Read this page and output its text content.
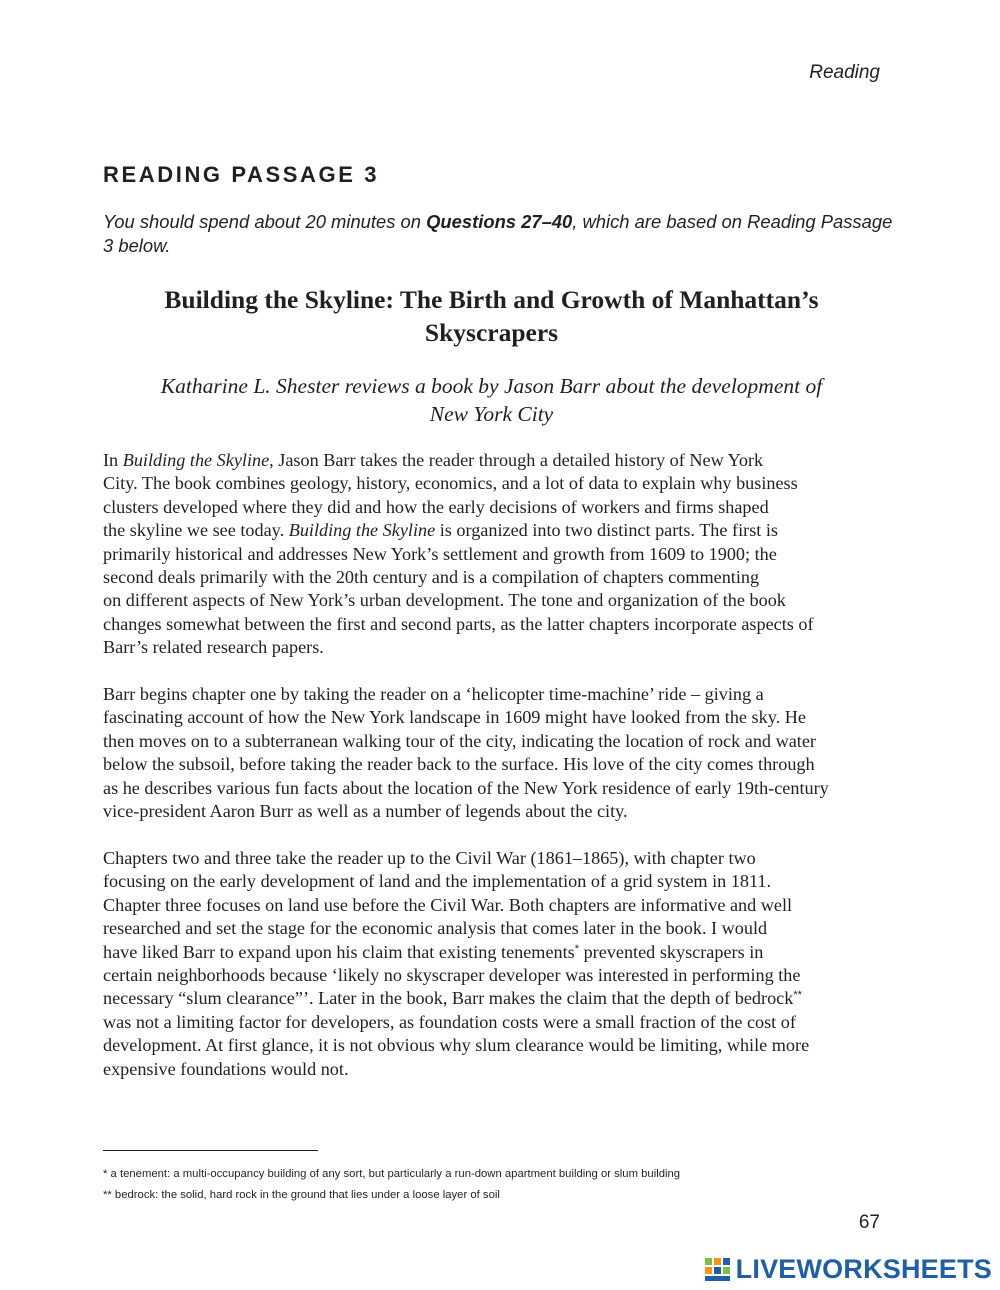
Reading
READING PASSAGE 3
You should spend about 20 minutes on Questions 27–40, which are based on Reading Passage 3 below.
Building the Skyline: The Birth and Growth of Manhattan’s
Skyscrapers
Katharine L. Shester reviews a book by Jason Barr about the development of
New York City

In Building the Skyline, Jason Barr takes the reader through a detailed history of New York
City. The book combines geology, history, economics, and a lot of data to explain why business
clusters developed where they did and how the early decisions of workers and firms shaped
the skyline we see today. Building the Skyline is organized into two distinct parts. The first is
primarily historical and addresses New York’s settlement and growth from 1609 to 1900; the
second deals primarily with the 20th century and is a compilation of chapters commenting
on different aspects of New York’s urban development. The tone and organization of the book
changes somewhat between the first and second parts, as the latter chapters incorporate aspects of
Barr’s related research papers.

Barr begins chapter one by taking the reader on a ‘helicopter time-machine’ ride – giving a
fascinating account of how the New York landscape in 1609 might have looked from the sky. He
then moves on to a subterranean walking tour of the city, indicating the location of rock and water
below the subsoil, before taking the reader back to the surface. His love of the city comes through
as he describes various fun facts about the location of the New York residence of early 19th-century
vice-president Aaron Burr as well as a number of legends about the city.

Chapters two and three take the reader up to the Civil War (1861–1865), with chapter two
focusing on the early development of land and the implementation of a grid system in 1811.
Chapter three focuses on land use before the Civil War. Both chapters are informative and well
researched and set the stage for the economic analysis that comes later in the book. I would
have liked Barr to expand upon his claim that existing tenements* prevented skyscrapers in
certain neighborhoods because ‘likely no skyscraper developer was interested in performing the
necessary “slum clearance”’. Later in the book, Barr makes the claim that the depth of bedrock**
was not a limiting factor for developers, as foundation costs were a small fraction of the cost of
development. At first glance, it is not obvious why slum clearance would be limiting, while more
expensive foundations would not.

* a tenement: a multi-occupancy building of any sort, but particularly a run-down apartment building or slum building
** bedrock: the solid, hard rock in the ground that lies under a loose layer of soil
67
LIVEWORKSHEETS
